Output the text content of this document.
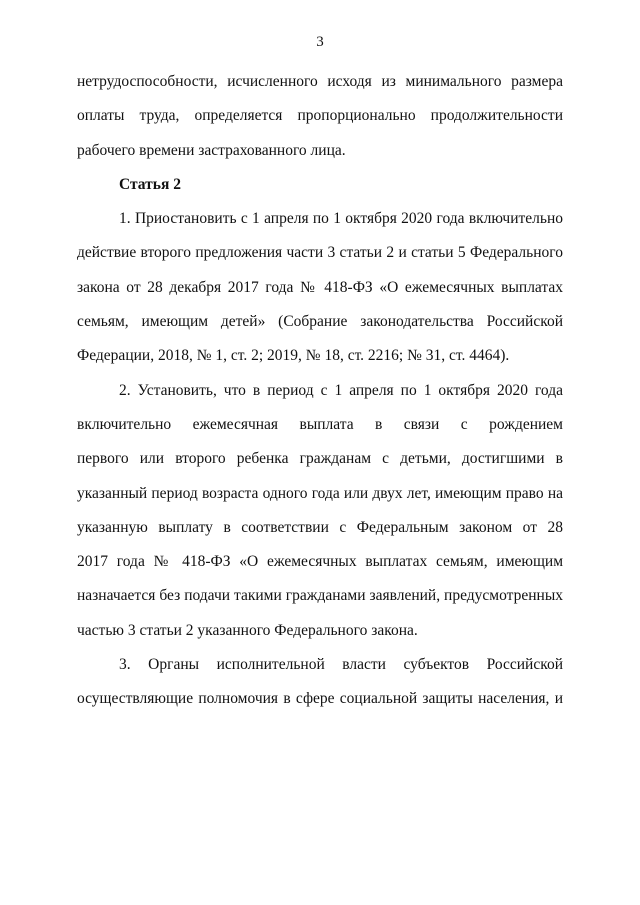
3
нетрудоспособности, исчисленного исходя из минимального размера
оплаты труда, определяется пропорционально продолжительности
рабочего времени застрахованного лица.
Статья 2
1. Приостановить с 1 апреля по 1 октября 2020 года включительно
действие второго предложения части 3 статьи 2 и статьи 5 Федерального
закона от 28 декабря 2017 года № 418-ФЗ «О ежемесячных выплатах
семьям, имеющим детей» (Собрание законодательства Российской
Федерации, 2018, № 1, ст. 2; 2019, № 18, ст. 2216; № 31, ст. 4464).
2. Установить, что в период с 1 апреля по 1 октября 2020 года
включительно ежемесячная выплата в связи с рождением
первого или второго ребенка гражданам с детьми, достигшими в
указанный период возраста одного года или двух лет, имеющим право на
указанную выплату в соответствии с Федеральным законом от 28
2017 года № 418-ФЗ «О ежемесячных выплатах семьям, имеющим
назначается без подачи такими гражданами заявлений, предусмотренных
частью 3 статьи 2 указанного Федерального закона.
3. Органы исполнительной власти субъектов Российской
осуществляющие полномочия в сфере социальной защиты населения, и
